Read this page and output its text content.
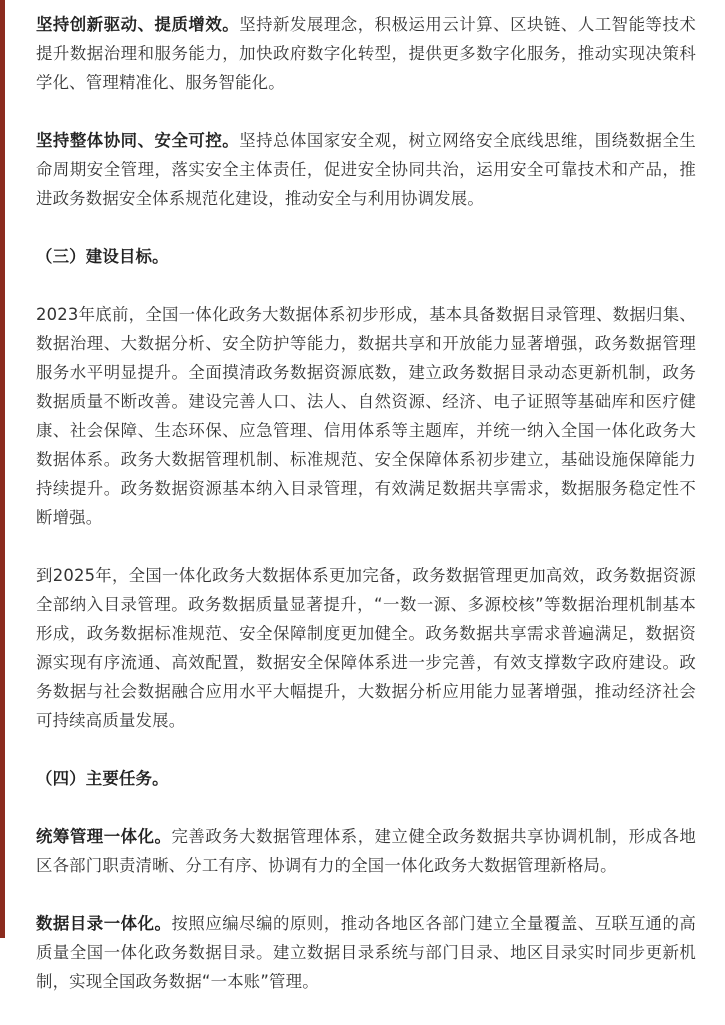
坚持创新驱动、提质增效。坚持新发展理念，积极运用云计算、区块链、人工智能等技术提升数据治理和服务能力，加快政府数字化转型，提供更多数字化服务，推动实现决策科学化、管理精准化、服务智能化。

坚持整体协同、安全可控。坚持总体国家安全观，树立网络安全底线思维，围绕数据全生命周期安全管理，落实安全主体责任，促进安全协同共治，运用安全可靠技术和产品，推进政务数据安全体系规范化建设，推动安全与利用协调发展。

（三）建设目标。

2023年底前，全国一体化政务大数据体系初步形成，基本具备数据目录管理、数据归集、数据治理、大数据分析、安全防护等能力，数据共享和开放能力显著增强，政务数据管理服务水平明显提升。全面摸清政务数据资源底数，建立政务数据目录动态更新机制，政务数据质量不断改善。建设完善人口、法人、自然资源、经济、电子证照等基础库和医疗健康、社会保障、生态环保、应急管理、信用体系等主题库，并统一纳入全国一体化政务大数据体系。政务大数据管理机制、标准规范、安全保障体系初步建立，基础设施保障能力持续提升。政务数据资源基本纳入目录管理，有效满足数据共享需求，数据服务稳定性不断增强。

到2025年，全国一体化政务大数据体系更加完备，政务数据管理更加高效，政务数据资源全部纳入目录管理。政务数据质量显著提升，“一数一源、多源校核”等数据治理机制基本形成，政务数据标准规范、安全保障制度更加健全。政务数据共享需求普遍满足，数据资源实现有序流通、高效配置，数据安全保障体系进一步完善，有效支撑数字政府建设。政务数据与社会数据融合应用水平大幅提升，大数据分析应用能力显著增强，推动经济社会可持续高质量发展。

（四）主要任务。

统筹管理一体化。完善政务大数据管理体系，建立健全政务数据共享协调机制，形成各地区各部门职责清晰、分工有序、协调有力的全国一体化政务大数据管理新格局。

数据目录一体化。按照应编尽编的原则，推动各地区各部门建立全量覆盖、互联互通的高质量全国一体化政务数据目录。建立数据目录系统与部门目录、地区目录实时同步更新机制，实现全国政务数据“一本账”管理。
